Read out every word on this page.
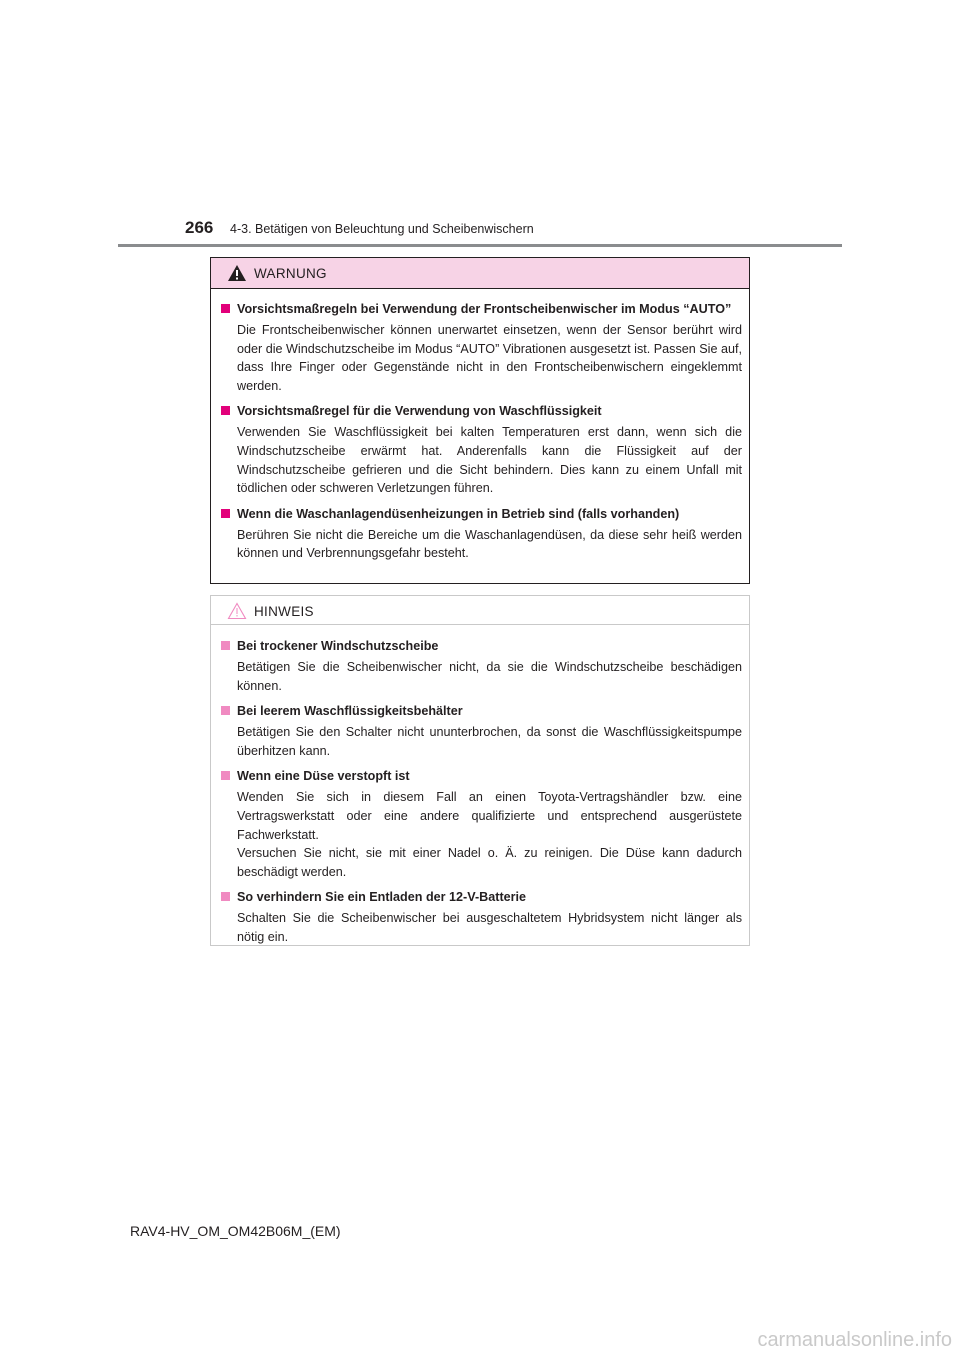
266 4-3. Betätigen von Beleuchtung und Scheibenwischern
WARNUNG
Vorsichtsmaßregeln bei Verwendung der Frontscheibenwischer im Modus “AUTO”

Die Frontscheibenwischer können unerwartet einsetzen, wenn der Sensor berührt wird oder die Windschutzscheibe im Modus “AUTO” Vibrationen ausgesetzt ist. Passen Sie auf, dass Ihre Finger oder Gegenstände nicht in den Frontscheibenwischern eingeklemmt werden.

Vorsichtsmaßregel für die Verwendung von Waschflüssigkeit

Verwenden Sie Waschflüssigkeit bei kalten Temperaturen erst dann, wenn sich die Windschutzscheibe erwärmt hat. Anderenfalls kann die Flüssigkeit auf der Windschutzscheibe gefrieren und die Sicht behindern. Dies kann zu einem Unfall mit tödlichen oder schweren Verletzungen führen.

Wenn die Waschanlagendüsenheizungen in Betrieb sind (falls vorhanden)

Berühren Sie nicht die Bereiche um die Waschanlagendüsen, da diese sehr heiß werden können und Verbrennungsgefahr besteht.

HINWEIS
Bei trockener Windschutzscheibe

Betätigen Sie die Scheibenwischer nicht, da sie die Windschutzscheibe beschädigen können.

Bei leerem Waschflüssigkeitsbehälter

Betätigen Sie den Schalter nicht ununterbrochen, da sonst die Waschflüssigkeitspumpe überhitzen kann.

Wenn eine Düse verstopft ist

Wenden Sie sich in diesem Fall an einen Toyota-Vertragshändler bzw. eine Vertragswerkstatt oder eine andere qualifizierte und entsprechend ausgerüstete Fachwerkstatt.

Versuchen Sie nicht, sie mit einer Nadel o. Ä. zu reinigen. Die Düse kann dadurch beschädigt werden.

So verhindern Sie ein Entladen der 12-V-Batterie

Schalten Sie die Scheibenwischer bei ausgeschaltetem Hybridsystem nicht länger als nötig ein.

RAV4-HV_OM_OM42B06M_(EM)
carmanualsonline.info
